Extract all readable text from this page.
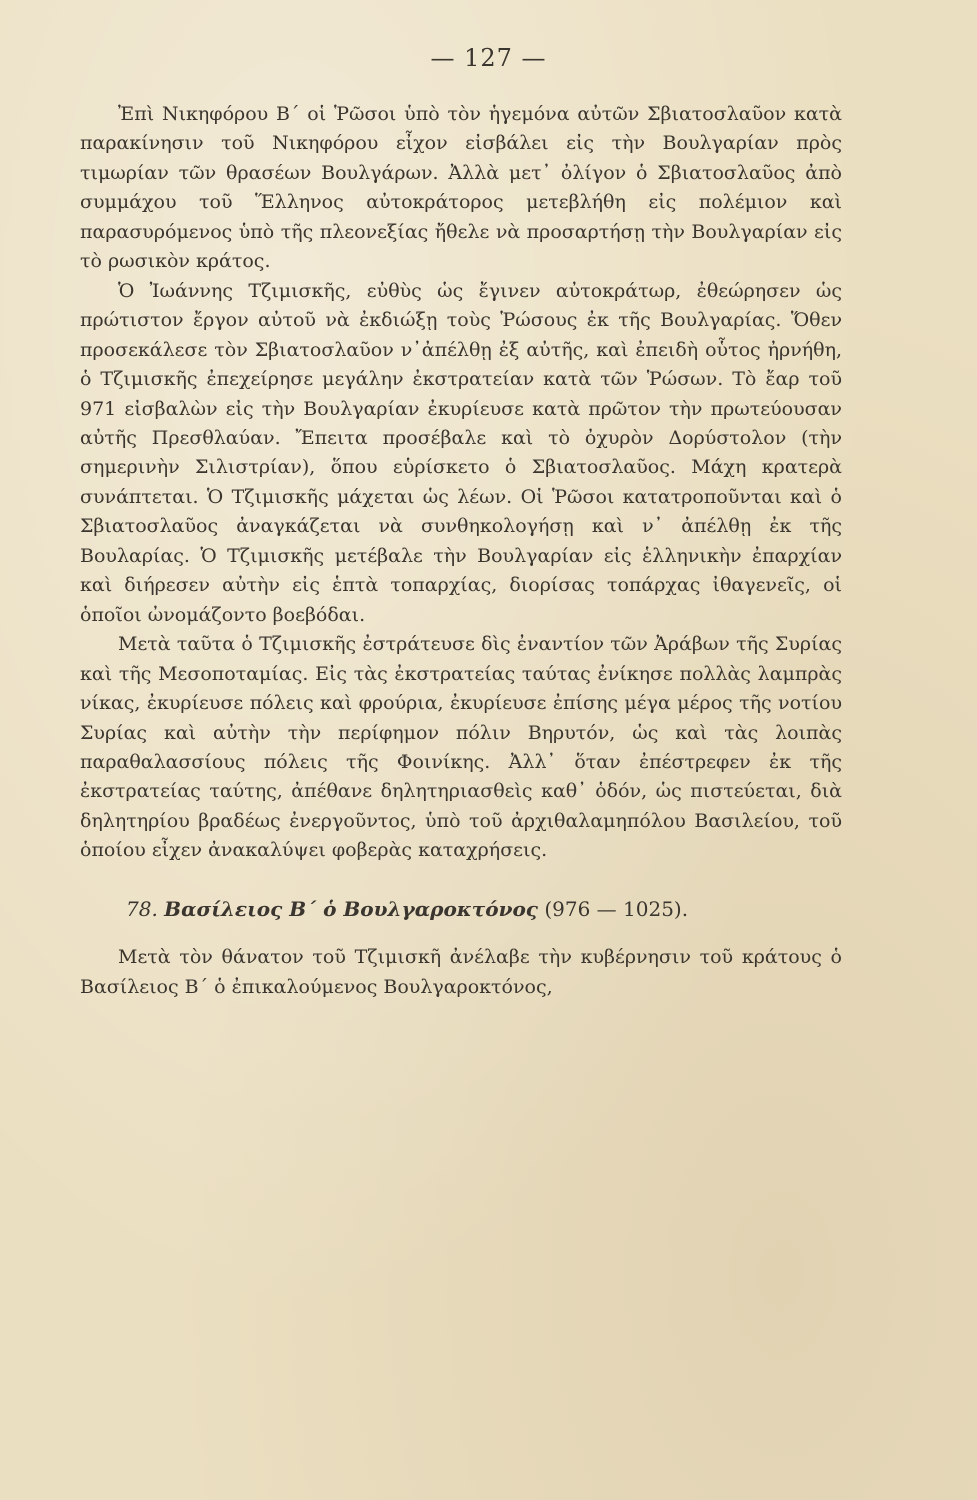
— 127 —

Ἐπὶ Νικηφόρου Β΄ οἱ Ῥῶσοι ὑπὸ τὸν ἡγεμόνα αὐτῶν Σβιατοσλαῦον κατὰ παρακίνησιν τοῦ Νικηφόρου εἶχον εἰσβάλει εἰς τὴν Βουλγαρίαν πρὸς τιμωρίαν τῶν θρασέων Βουλγάρων. Ἀλλὰ μετ᾽ ὀλίγον ὁ Σβιατοσλαῦος ἀπὸ συμμάχου τοῦ Ἕλληνος αὐτοκράτορος μετεβλήθη εἰς πολέμιον καὶ παρασυρόμενος ὑπὸ τῆς πλεονεξίας ἤθελε νὰ προσαρτήσῃ τὴν Βουλγαρίαν εἰς τὸ ρωσικὸν κράτος.

Ὁ Ἰωάννης Τζιμισκῆς, εὐθὺς ὡς ἔγινεν αὐτοκράτωρ, ἐθεώρησεν ὡς πρώτιστον ἔργον αὐτοῦ νὰ ἐκδιώξῃ τοὺς Ῥώσους ἐκ τῆς Βουλγαρίας. Ὅθεν προσεκάλεσε τὸν Σβιατοσλαῦον ν᾽ἀπέλθῃ ἐξ αὐτῆς, καὶ ἐπειδὴ οὗτος ἠρνήθη, ὁ Τζιμισκῆς ἐπεχείρησε μεγάλην ἐκστρατείαν κατὰ τῶν Ῥώσων. Τὸ ἔαρ τοῦ 971 εἰσβαλὼν εἰς τὴν Βουλγαρίαν ἐκυρίευσε κατὰ πρῶτον τὴν πρωτεύουσαν αὐτῆς Πρεσθλαύαν. Ἔπειτα προσέβαλε καὶ τὸ ὀχυρὸν Δορύστολον (τὴν σημερινὴν Σιλιστρίαν), ὅπου εὑρίσκετο ὁ Σβιατοσλαῦος. Μάχη κρατερὰ συνάπτεται. Ὁ Τζιμισκῆς μάχεται ὡς λέων. Οἱ Ῥῶσοι κατατροποῦνται καὶ ὁ Σβιατοσλαῦος ἀναγκάζεται νὰ συνθηκολογήσῃ καὶ ν᾽ ἀπέλθῃ ἐκ τῆς Βουλαρίας. Ὁ Τζιμισκῆς μετέβαλε τὴν Βουλγαρίαν εἰς ἑλληνικὴν ἐπαρχίαν καὶ διήρεσεν αὐτὴν εἰς ἑπτὰ τοπαρχίας, διορίσας τοπάρχας ἰθαγενεῖς, οἱ ὁποῖοι ὠνομάζοντο βοεβόδαι.

Μετὰ ταῦτα ὁ Τζιμισκῆς ἐστράτευσε δὶς ἐναντίον τῶν Ἀράβων τῆς Συρίας καὶ τῆς Μεσοποταμίας. Εἰς τὰς ἐκστρατείας ταύτας ἐνίκησε πολλὰς λαμπρὰς νίκας, ἐκυρίευσε πόλεις καὶ φρούρια, ἐκυρίευσε ἐπίσης μέγα μέρος τῆς νοτίου Συρίας καὶ αὐτὴν τὴν περίφημον πόλιν Βηρυτόν, ὡς καὶ τὰς λοιπὰς παραθαλασσίους πόλεις τῆς Φοινίκης. Ἀλλ᾽ ὅταν ἐπέστρεφεν ἐκ τῆς ἐκστρατείας ταύτης, ἀπέθανε δηλητηριασθεὶς καθ᾽ ὁδόν, ὡς πιστεύεται, διὰ δηλητηρίου βραδέως ἐνεργοῦντος, ὑπὸ τοῦ ἀρχιθαλαμηπόλου Βασιλείου, τοῦ ὁποίου εἶχεν ἀνακαλύψει φοβερὰς καταχρήσεις.

78. Βασίλειος Β΄ ὁ Βουλγαροκτόνος (976 — 1025).

Μετὰ τὸν θάνατον τοῦ Τζιμισκῆ ἀνέλαβε τὴν κυβέρνησιν τοῦ κράτους ὁ Βασίλειος Β΄ ὁ ἐπικαλούμενος Βουλγαροκτόνος,
